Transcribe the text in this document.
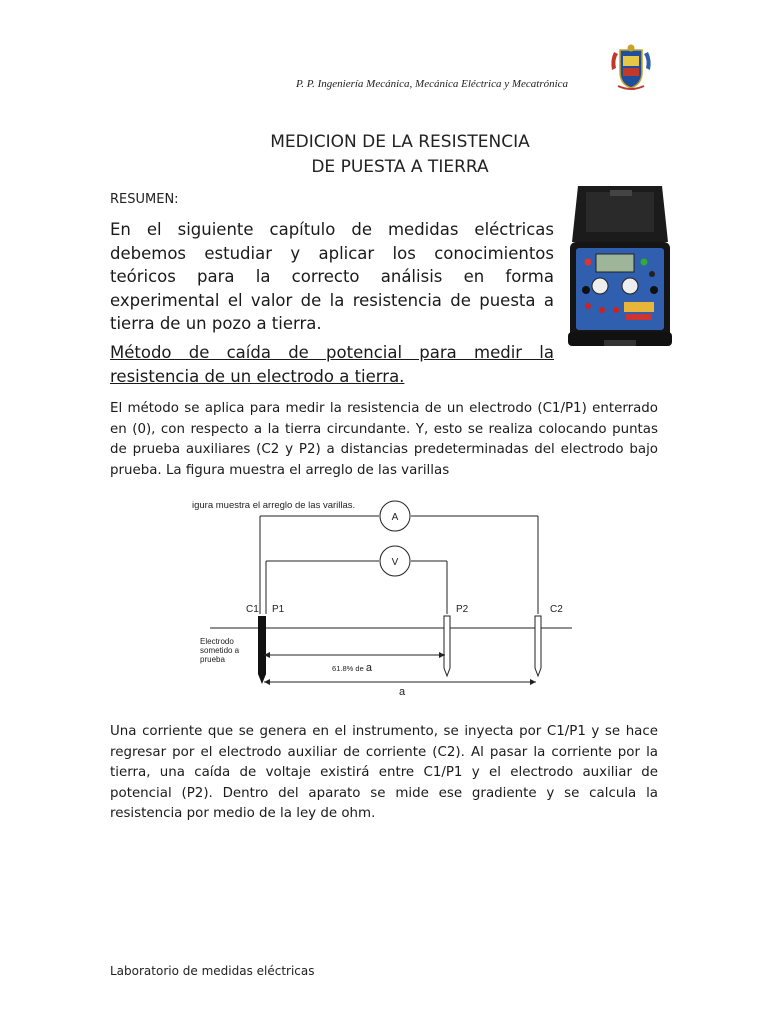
P. P. Ingeniería Mecánica, Mecánica Eléctrica y Mecatrónica
MEDICION DE LA RESISTENCIA
DE PUESTA A TIERRA
RESUMEN:

En el siguiente capítulo de medidas eléctricas debemos estudiar y aplicar los conocimientos teóricos para la correcto análisis en forma experimental el valor de la resistencia de puesta a tierra de un pozo a tierra.

Método de caída de potencial para medir la resistencia de un electrodo a tierra.

El método se aplica para medir la resistencia de un electrodo (C1/P1) enterrado en (0), con respecto a la tierra circundante. Y, esto se realiza colocando puntas de prueba auxiliares (C2 y P2) a distancias predeterminadas del electrodo bajo prueba. La figura muestra el arreglo de las varillas

igura muestra el arreglo de las varillas.
A
V
C1 P1	P2	C2
Electrodo
sometido a
prueba
61.8% de a
a

Una corriente que se genera en el instrumento, se inyecta por C1/P1 y se hace regresar por el electrodo auxiliar de corriente (C2). Al pasar la corriente por la tierra, una caída de voltaje existirá entre C1/P1 y el electrodo auxiliar de potencial (P2). Dentro del aparato se mide ese gradiente y se calcula la resistencia por medio de la ley de ohm.

Laboratorio de medidas eléctricas
